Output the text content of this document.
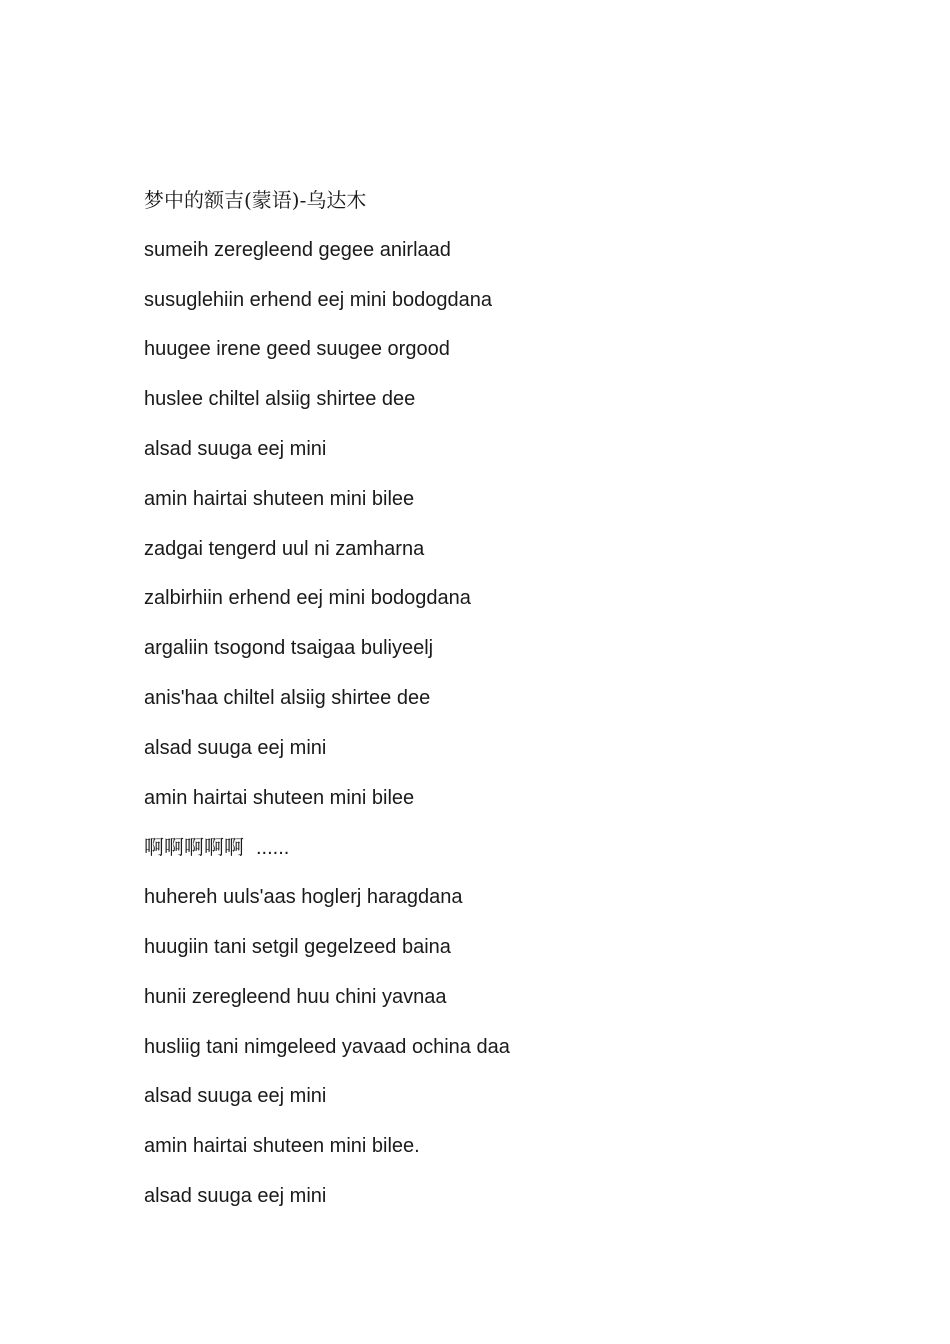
梦中的额吉(蒙语)-乌达木
sumeih zeregleend gegee anirlaad
susuglehiin erhend eej mini bodogdana
huugee irene geed suugee orgood
huslee chiltel alsiig shirtee dee
alsad suuga eej mini
amin hairtai shuteen mini bilee
zadgai tengerd uul ni zamharna
zalbirhiin erhend eej mini bodogdana
argaliin tsogond tsaigaa buliyeelj
anis'haa chiltel alsiig shirtee dee
alsad suuga eej mini
amin hairtai shuteen mini bilee
啊啊啊啊啊 ......
huhereh uuls'aas hoglerj haragdana
huugiin tani setgil gegelzeed baina
hunii zeregleend huu chini yavnaa
husliig tani nimgeleed yavaad ochina daa
alsad suuga eej mini
amin hairtai shuteen mini bilee.
alsad suuga eej mini
